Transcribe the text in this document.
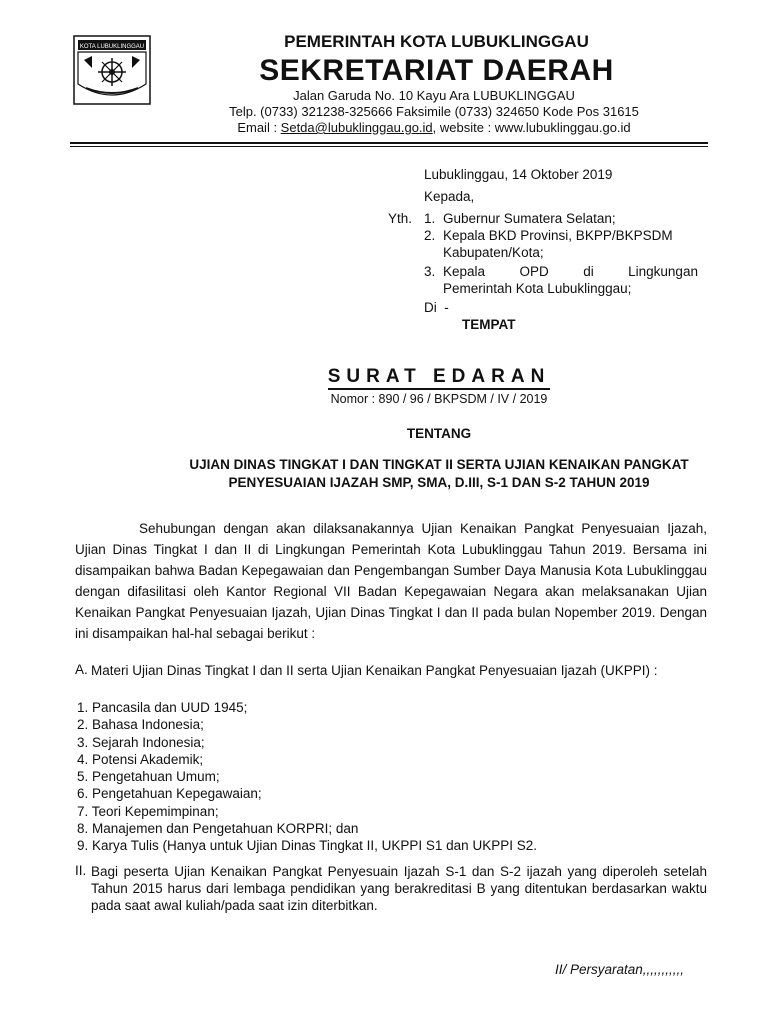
KOTA LUBUKLINGGAU	PEMERINTAH KOTA LUBUKLINGGAU
SEKRETARIAT DAERAH
Jalan Garuda No. 10 Kayu Ara LUBUKLINGGAU
Telp. (0733) 321238-325666 Faksimile (0733) 324650 Kode Pos 31615
Email : Setda@lubuklinggau.go.id, website : www.lubuklinggau.go.id
Lubuklinggau, 14 Oktober 2019
Kepada,
Yth. 1. Gubernur Sumatera Selatan;
2. Kepala BKD Provinsi, BKPP/BKPSDM
Kabupaten/Kota;
3. Kepala	OPD	di	Lingkungan
Pemerintah Kota Lubuklinggau;
Di  -
TEMPAT
SURAT EDARAN
Nomor : 890 / 96 / BKPSDM / IV / 2019
TENTANG
UJIAN DINAS TINGKAT I DAN TINGKAT II SERTA UJIAN KENAIKAN PANGKAT
PENYESUAIAN IJAZAH SMP, SMA, D.III, S-1 DAN S-2 TAHUN 2019
Sehubungan dengan akan dilaksanakannya Ujian Kenaikan Pangkat Penyesuaian Ijazah, Ujian Dinas Tingkat I dan II di Lingkungan Pemerintah Kota Lubuklinggau Tahun 2019. Bersama ini disampaikan bahwa Badan Kepegawaian dan Pengembangan Sumber Daya Manusia Kota Lubuklinggau dengan difasilitasi oleh Kantor Regional VII Badan Kepegawaian Negara akan melaksanakan Ujian Kenaikan Pangkat Penyesuaian Ijazah, Ujian Dinas Tingkat I dan II pada bulan Nopember 2019. Dengan ini disampaikan hal-hal sebagai berikut :
A. Materi Ujian Dinas Tingkat I dan II serta Ujian Kenaikan Pangkat Penyesuaian Ijazah (UKPPI) :
1. Pancasila dan UUD 1945;
2. Bahasa Indonesia;
3. Sejarah Indonesia;
4. Potensi Akademik;
5. Pengetahuan Umum;
6. Pengetahuan Kepegawaian;
7. Teori Kepemimpinan;
8. Manajemen dan Pengetahuan KORPRI; dan
9. Karya Tulis (Hanya untuk Ujian Dinas Tingkat II, UKPPI S1 dan UKPPI S2.
II. Bagi peserta Ujian Kenaikan Pangkat Penyesuain Ijazah S-1 dan S-2 ijazah yang diperoleh setelah Tahun 2015 harus dari lembaga pendidikan yang berakreditasi B yang ditentukan berdasarkan waktu pada saat awal kuliah/pada saat izin diterbitkan.
II/ Persyaratan,,,,,,,,,,,
